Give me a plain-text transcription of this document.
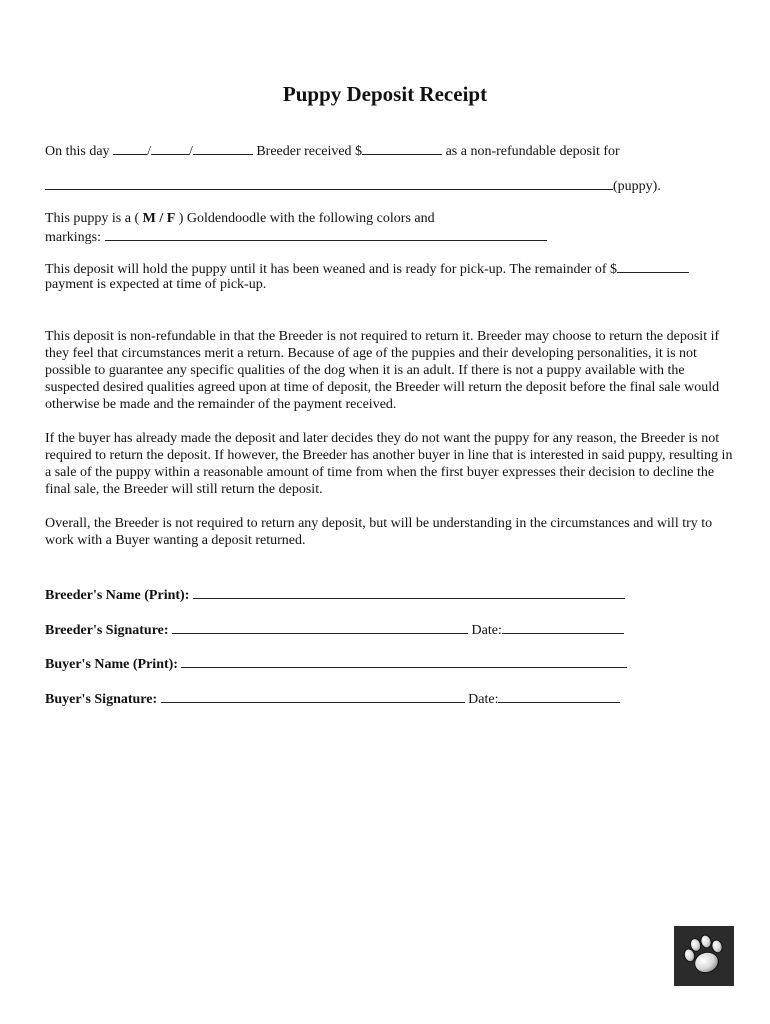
Puppy Deposit Receipt
On this day	/	/	Breeder received $	as a non-refundable deposit for
(puppy).
This puppy is a ( M / F ) Goldendoodle with the following colors and
markings:
This deposit will hold the puppy until it has been weaned and is ready for pick-up. The remainder of $
payment is expected at time of pick-up.
This deposit is non-refundable in that the Breeder is not required to return it. Breeder may choose to return the deposit if they feel that circumstances merit a return. Because of age of the puppies and their developing personalities, it is not possible to guarantee any specific qualities of the dog when it is an adult. If there is not a puppy available with the suspected desired qualities agreed upon at time of deposit, the Breeder will return the deposit before the final sale would otherwise be made and the remainder of the payment received.
If the buyer has already made the deposit and later decides they do not want the puppy for any reason, the Breeder is not required to return the deposit. If however, the Breeder has another buyer in line that is interested in said puppy, resulting in a sale of the puppy within a reasonable amount of time from when the first buyer expresses their decision to decline the final sale, the Breeder will still return the deposit.
Overall, the Breeder is not required to return any deposit, but will be understanding in the circumstances and will try to work with a Buyer wanting a deposit returned.
Breeder's Name (Print):
Breeder's Signature:	Date:
Buyer's Name (Print):
Buyer's Signature:	Date:
